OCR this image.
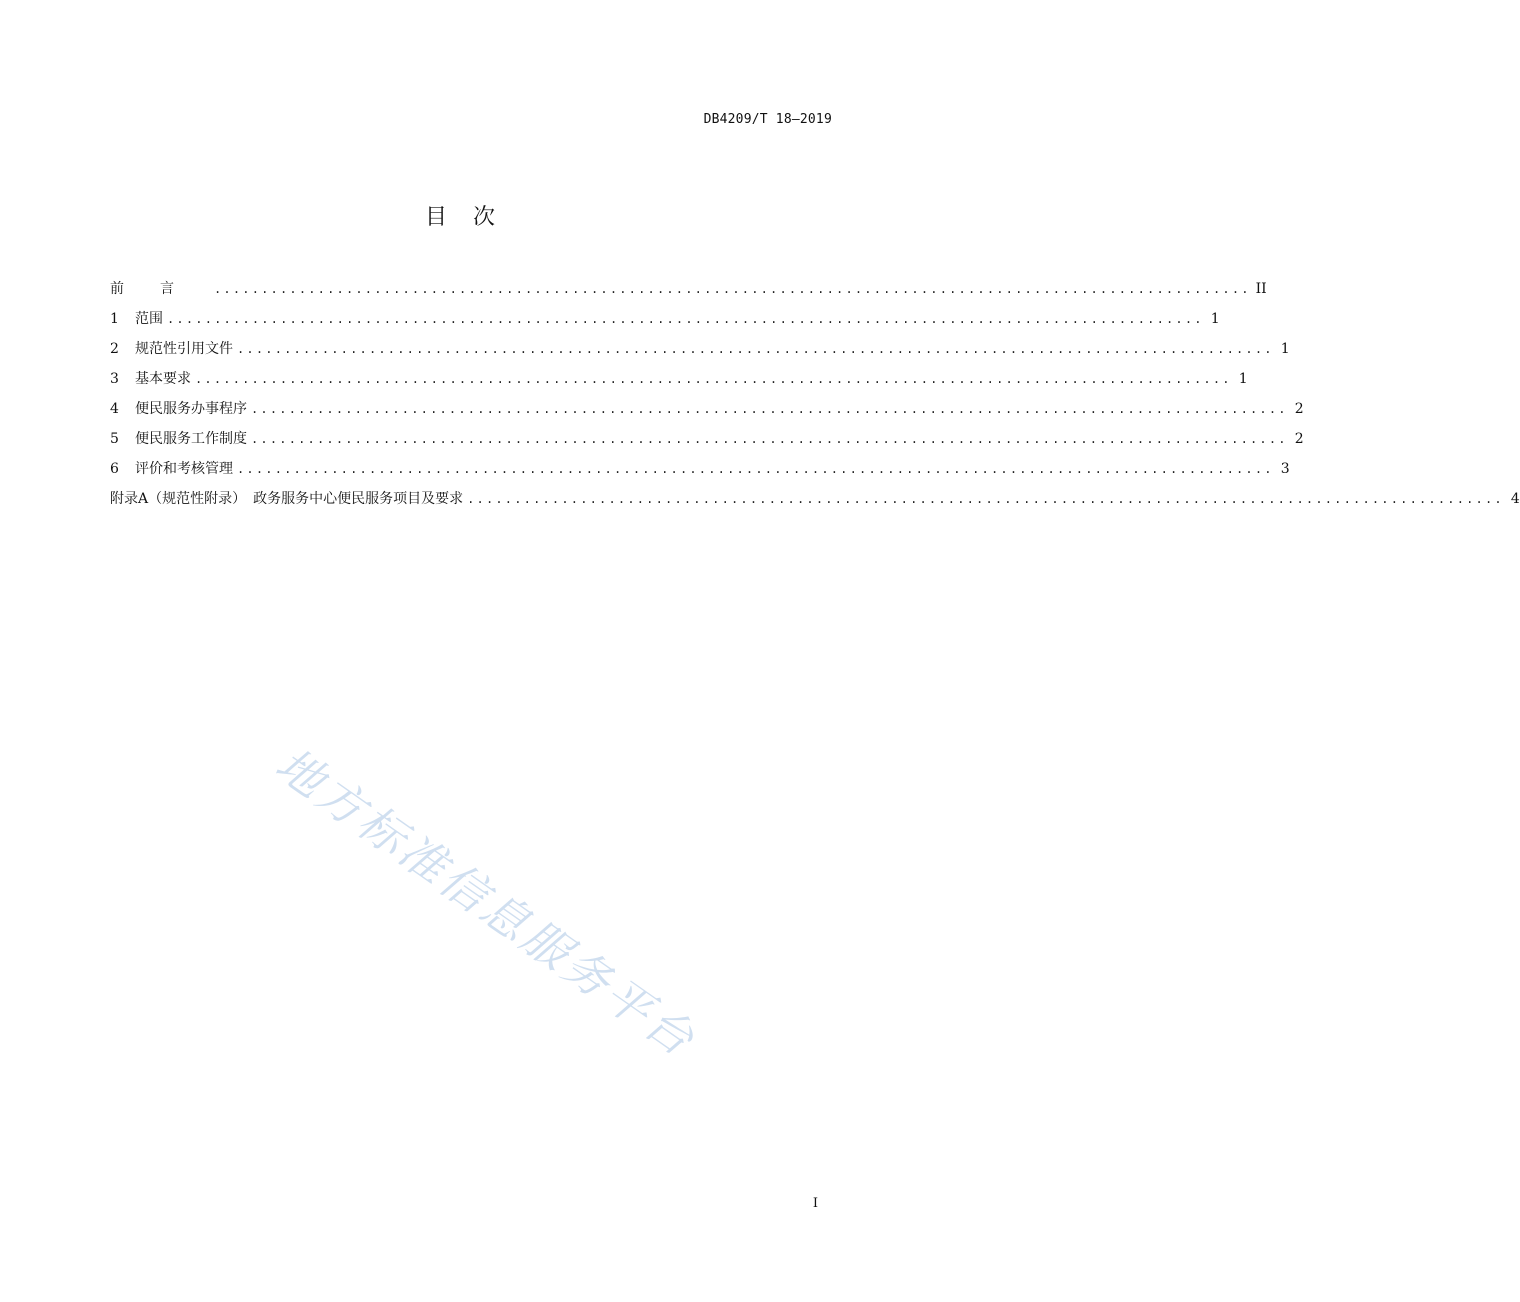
DB4209/T 18—2019
目次
前言 .............................................................................................................. II
1	范围 .............................................................................................................. 1
2	规范性引用文件 .............................................................................................................. 1
3	基本要求 .............................................................................................................. 1
4	便民服务办事程序 .............................................................................................................. 2
5	便民服务工作制度 .............................................................................................................. 2
6	评价和考核管理 .............................................................................................................. 3
附录A（规范性附录）　政务服务中心便民服务项目及要求 .............................................................................................................. 4
地方标准信息服务平台
I
